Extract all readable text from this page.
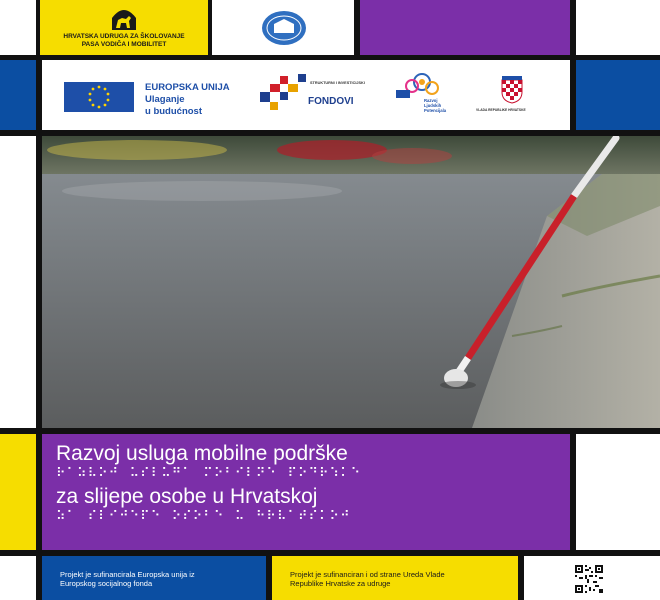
HRVATSKA UDRUGA ZA ŠKOLOVANJE
PASA VODIČA I MOBILITET
EUROPSKA UNIJA
Ulaganje
u budućnost
STRUKTURNI I INVESTICIJSKI
FONDOVI	Razvoj
Ljudskih
Potencijala	VLADA REPUBLIKE HRVATSKE

Razvoj usluga mobilne podrške

⠗⠁⠵⠧⠕⠚⠀⠥⠎⠇⠥⠛⠁⠀⠍⠕⠃⠊⠇⠝⠑⠀⠏⠕⠙⠗⠱⠅⠑

za slijepe osobe u Hrvatskoj

⠵⠁⠀⠎⠇⠊⠚⠑⠏⠑⠀⠕⠎⠕⠃⠑⠀⠥⠀⠓⠗⠧⠁⠞⠎⠅⠕⠚

Projekt je sufinancirala Europska unija iz
Europskog socijalnog fonda
Projekt je sufinanciran i od strane Ureda Vlade
Republike Hrvatske za udruge
